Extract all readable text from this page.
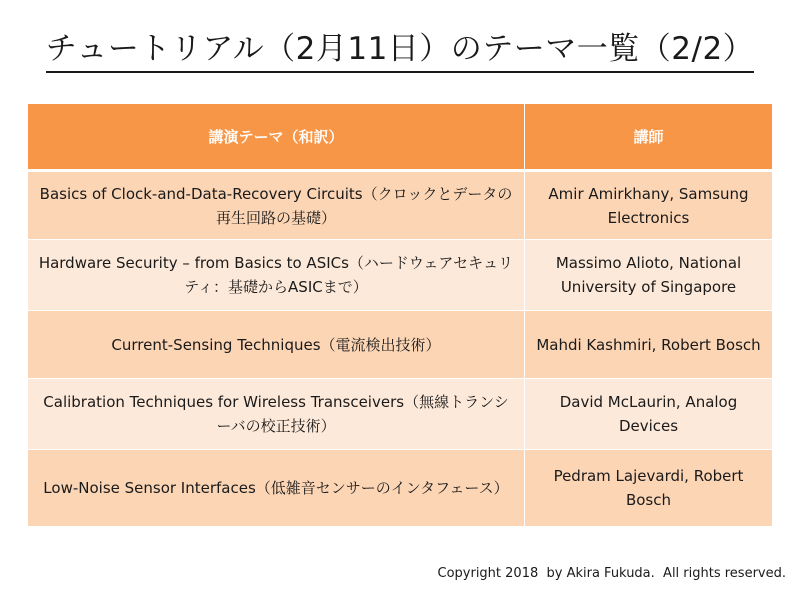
チュートリアル（2月11日）のテーマ一覧（2/2）
講演テーマ（和訳）	講師
Basics of Clock-and-Data-Recovery Circuits（クロックとデータの再生回路の基礎）	Amir Amirkhany, Samsung Electronics
Hardware Security – from Basics to ASICs（ハードウェアセキュリティ：基礎からASICまで）	Massimo Alioto, National University of Singapore
Current-Sensing Techniques（電流検出技術）	Mahdi Kashmiri, Robert Bosch
Calibration Techniques for Wireless Transceivers（無線トランシーバの校正技術）	David McLaurin, Analog Devices
Low-Noise Sensor Interfaces（低雑音センサーのインタフェース）	Pedram Lajevardi, Robert Bosch
Copyright 2018  by Akira Fukuda.  All rights reserved.
